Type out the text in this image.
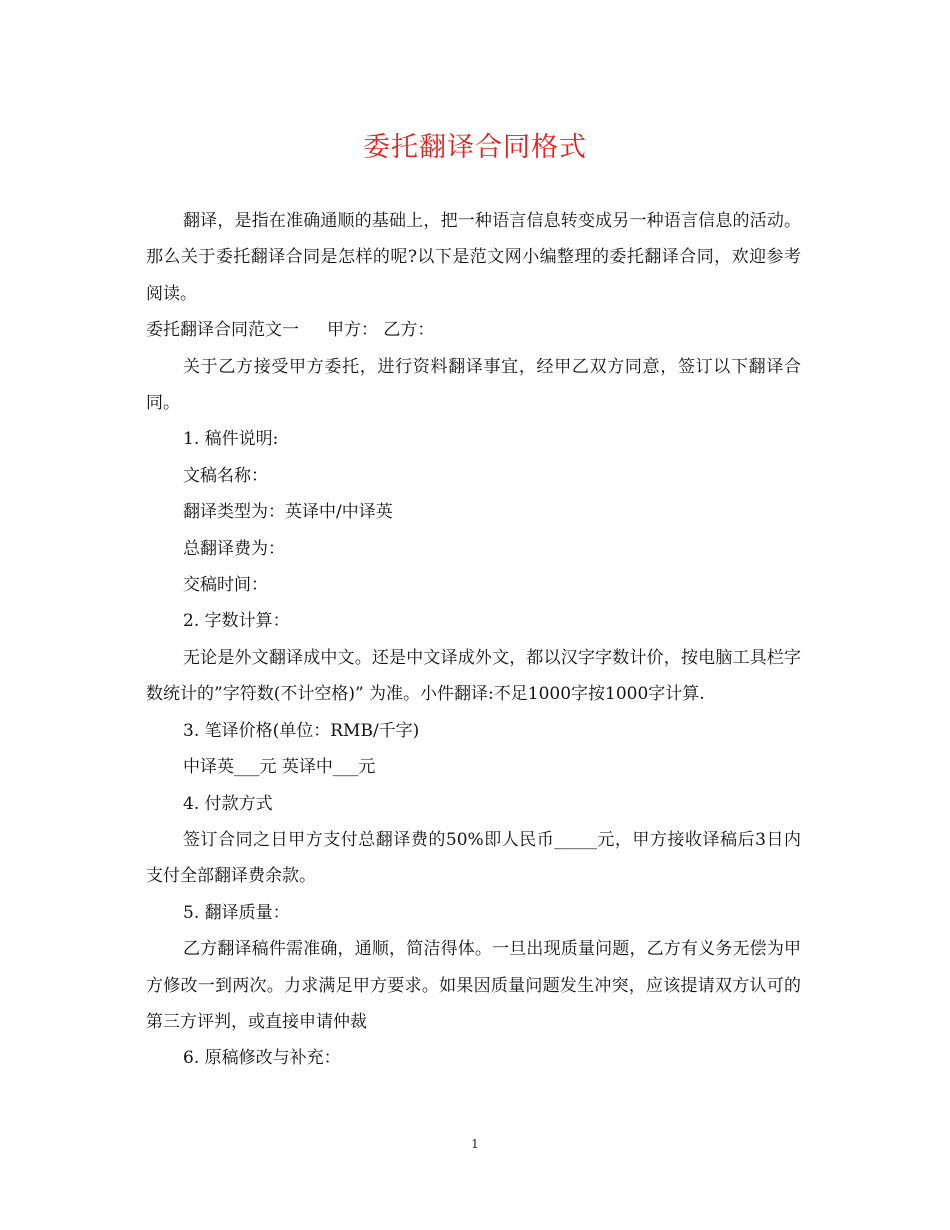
委托翻译合同格式

翻译，是指在准确通顺的基础上，把一种语言信息转变成另一种语言信息的活动。那么关于委托翻译合同是怎样的呢?以下是范文网小编整理的委托翻译合同，欢迎参考阅读。

委托翻译合同范文一 甲方： 乙方：

关于乙方接受甲方委托，进行资料翻译事宜，经甲乙双方同意，签订以下翻译合同。

1. 稿件说明:

文稿名称：

翻译类型为：英译中/中译英

总翻译费为：

交稿时间：

2. 字数计算：

无论是外文翻译成中文。还是中文译成外文，都以汉字字数计价，按电脑工具栏字数统计的”字符数(不计空格)” 为准。小件翻译:不足1000字按1000字计算.

3. 笔译价格(单位：RMB/千字)

中译英___元 英译中___元

4. 付款方式

签订合同之日甲方支付总翻译费的50%即人民币_____元，甲方接收译稿后3日内支付全部翻译费余款。

5. 翻译质量：

乙方翻译稿件需准确，通顺，简洁得体。一旦出现质量问题，乙方有义务无偿为甲方修改一到两次。力求满足甲方要求。如果因质量问题发生冲突，应该提请双方认可的第三方评判，或直接申请仲裁

6. 原稿修改与补充：

1
